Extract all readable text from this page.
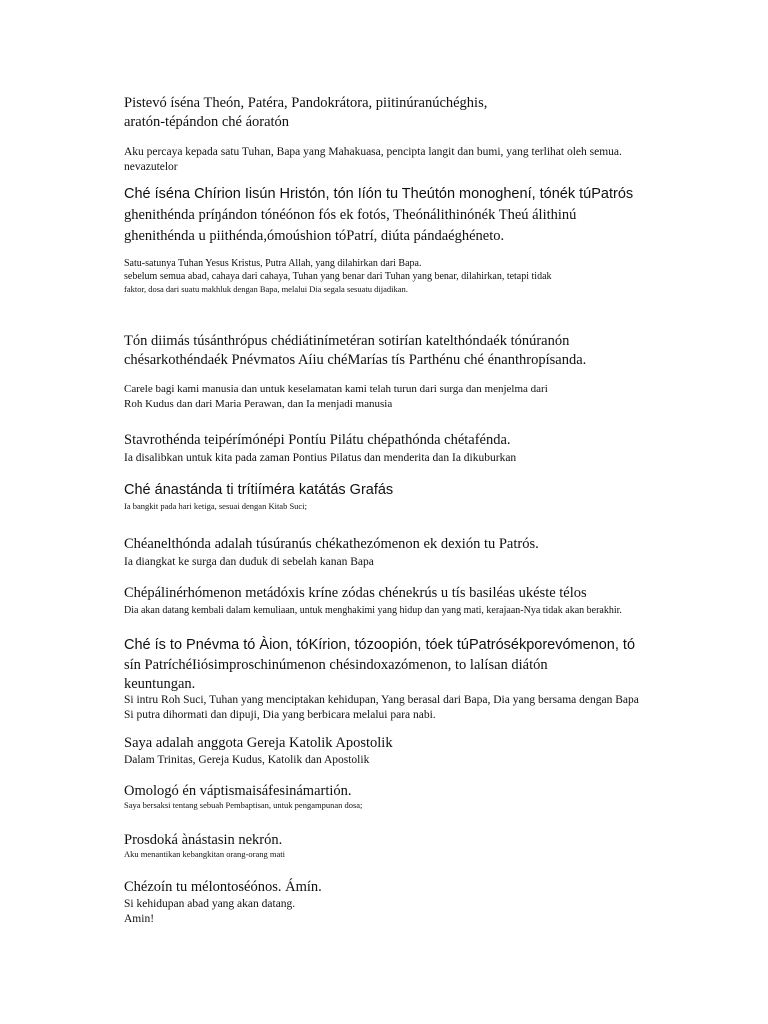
Pistevó íséna Theón, Patéra, Pandokrátora, piitinúranúchéghis,
aratón-tépándon ché áoratón

Aku percaya kepada satu Tuhan, Bapa yang Mahakuasa, pencipta langit dan bumi, yang terlihat oleh semua.
nevazutelor

Ché íséna Chírion Iisún Hristón, tón Iíón tu Theútón monoghení, tónék túPatrós
ghenithénda príŋándon tónéónon fós ek fotós, Theónálithinónék Theú álithinú
ghenithénda u piithénda,ómoúshion tóPatrí, diúta pándaéghéneto.

Satu-satunya Tuhan Yesus Kristus, Putra Allah, yang dilahirkan dari Bapa.
sebelum semua abad, cahaya dari cahaya, Tuhan yang benar dari Tuhan yang benar, dilahirkan, tetapi tidak
faktor, dosa dari suatu makhluk dengan Bapa, melalui Dia segala sesuatu dijadikan.

Tón diimás túsánthrópus chédiátinímetéran sotirían katelthóndaék tónúranón
chésarkothéndaék Pnévmatos Aíiu chéMarías tís Parthénu ché énanthropísanda.

Carele bagi kami manusia dan untuk keselamatan kami telah turun dari surga dan menjelma dari
Roh Kudus dan dari Maria Perawan, dan Ia menjadi manusia

Stavrothénda teipérímónépi Pontíu Pilátu chépathónda chétafénda.

Ia disalibkan untuk kita pada zaman Pontius Pilatus dan menderita dan Ia dikuburkan

Ché ánastánda ti trítiíméra katátás Grafás

Ia bangkit pada hari ketiga, sesuai dengan Kitab Suci;

Chéanelthónda adalah túsúranús chékathezómenon ek dexión tu Patrós.

Ia diangkat ke surga dan duduk di sebelah kanan Bapa

Chépálinérhómenon metádóxis kríne zódas chénekrús u tís basiléas ukéste télos

Dia akan datang kembali dalam kemuliaan, untuk menghakimi yang hidup dan yang mati, kerajaan-Nya tidak akan berakhir.

Ché ís to Pnévma tó Àion, tóKírion, tózoopión, tóek túPatrósékporevómenon, tó
sín PatríchéIiósimproschinúmenon chésindoxazómenon, to lalísan diátón
keuntungan.

Si intru Roh Suci, Tuhan yang menciptakan kehidupan, Yang berasal dari Bapa, Dia yang bersama dengan Bapa
Si putra dihormati dan dipuji, Dia yang berbicara melalui para nabi.

Saya adalah anggota Gereja Katolik Apostolik

Dalam Trinitas, Gereja Kudus, Katolik dan Apostolik

Omologó én váptismaisáfesinámartión.

Saya bersaksi tentang sebuah Pembaptisan, untuk pengampunan dosa;

Prosdoká ànástasin nekrón.

Aku menantikan kebangkitan orang-orang mati

Chézoín tu mélontoséónos. Ámín.

Si kehidupan abad yang akan datang.
Amin!
